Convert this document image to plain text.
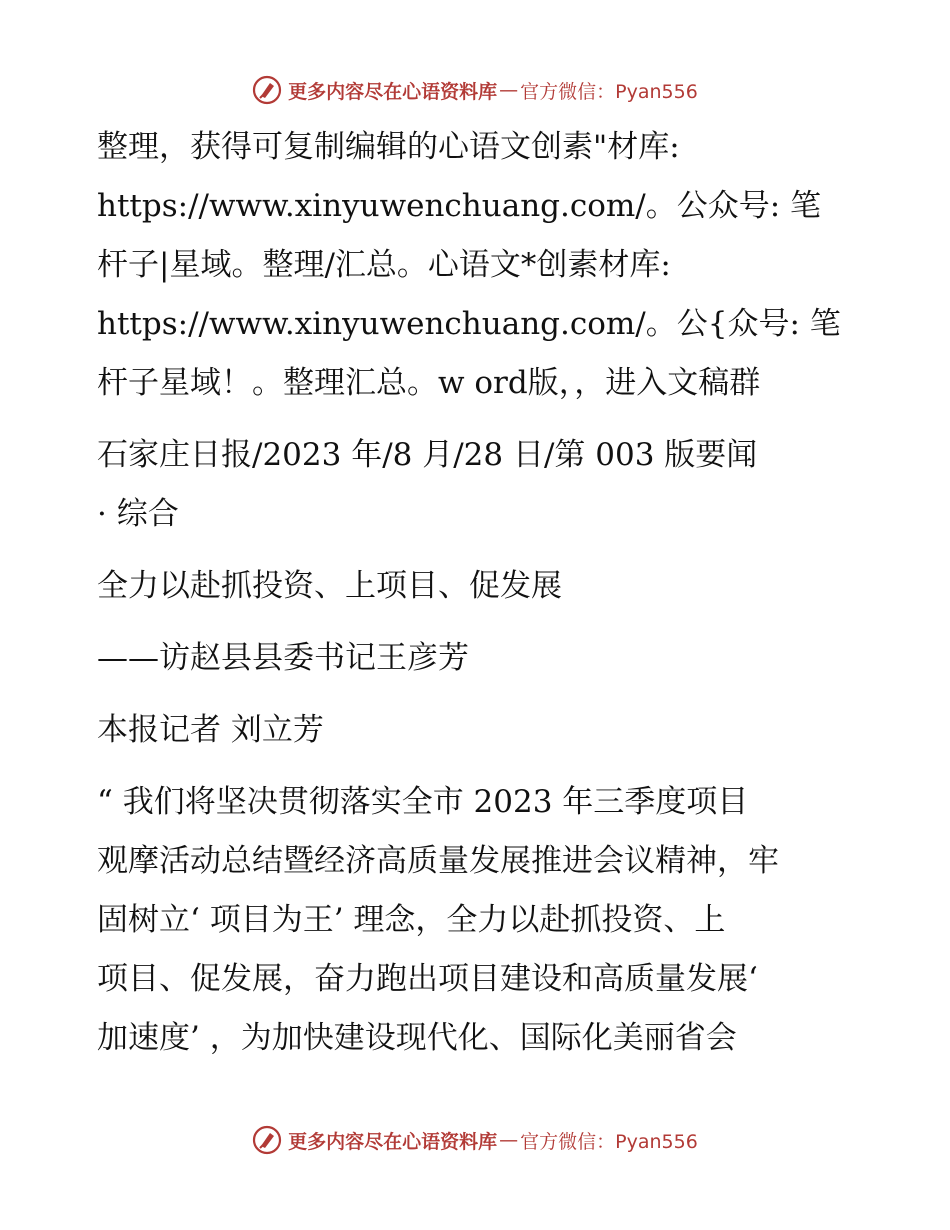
更多内容尽在心语资料库 — 官方微信：Pyan556
整理，获得可复制编辑的心语文创素"材库:
https://www.xinyuwenchuang.com/。公众号: 笔
杆子|星域。整理/汇总。心语文*创素材库:
https://www.xinyuwenchuang.com/。公{众号: 笔
杆子星域！。整理汇总。w ord版，，进入文稿群
石家庄日报/2023 年/8 月/28 日/第 003 版要闻
· 综合
全力以赴抓投资、上项目、促发展
——访赵县县委书记王彦芳
本报记者 刘立芳
“ 我们将坚决贯彻落实全市 2023 年三季度项目
观摩活动总结暨经济高质量发展推进会议精神，牢
固树立‘ 项目为王’ 理念，全力以赴抓投资、上
项目、促发展，奋力跑出项目建设和高质量发展‘
加速度’ ，为加快建设现代化、国际化美丽省会
更多内容尽在心语资料库 — 官方微信：Pyan556
